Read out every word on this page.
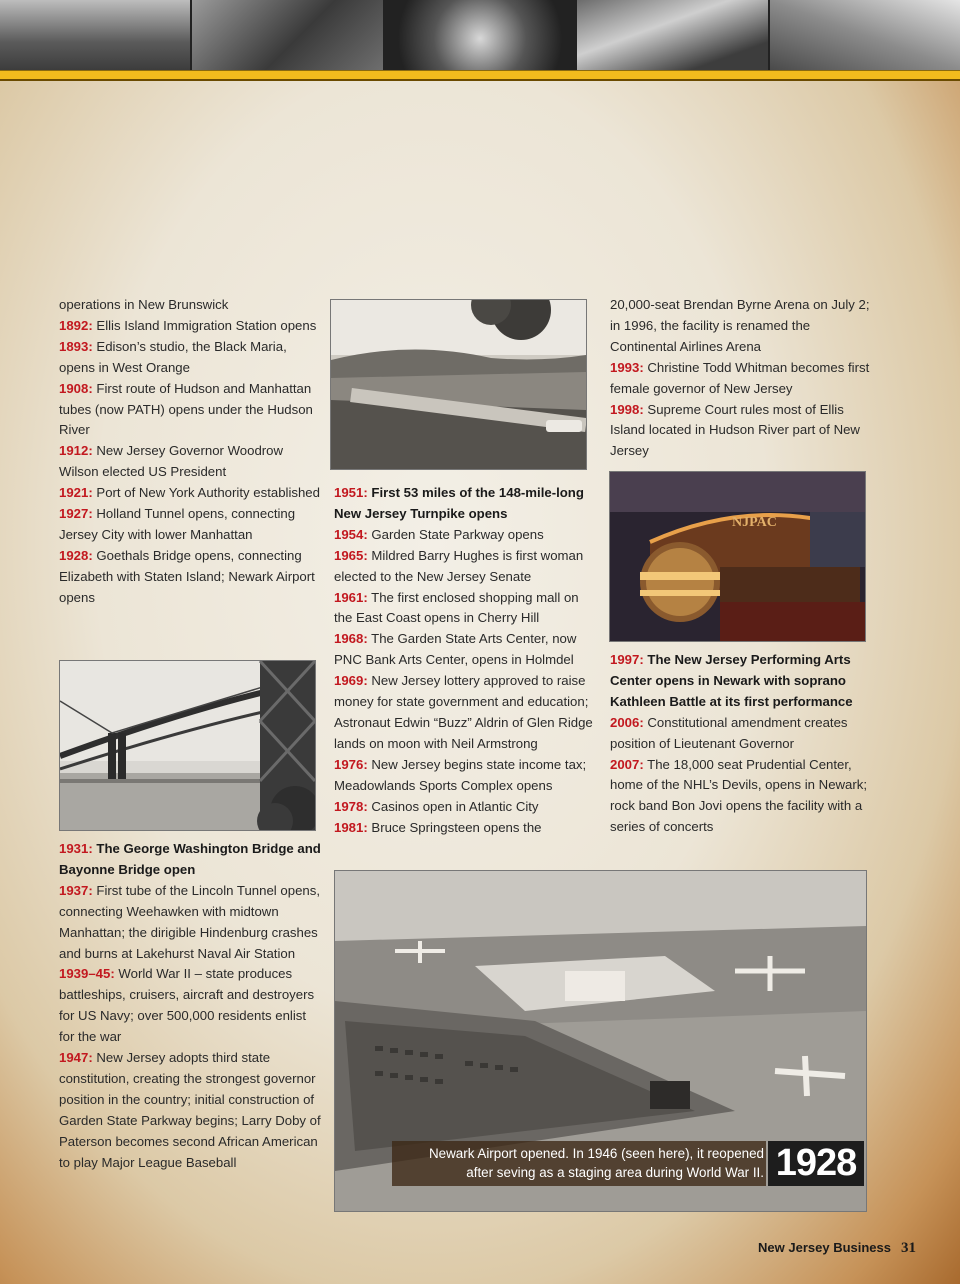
operations in New Brunswick

1892: Ellis Island Immigration Station opens

1893: Edison’s studio, the Black Maria, opens in West Orange

1908: First route of Hudson and Manhattan tubes (now PATH) opens under the Hudson River

1912: New Jersey Governor Woodrow Wilson elected US President

1921: Port of New York Authority established

1927: Holland Tunnel opens, connecting Jersey City with lower Manhattan

1928: Goethals Bridge opens, connecting Elizabeth with Staten Island; Newark Airport opens

1931: The George Washington Bridge and Bayonne Bridge open

1937: First tube of the Lincoln Tunnel opens, connecting Weehawken with midtown Manhattan; the dirigible Hindenburg crashes and burns at Lakehurst Naval Air Station

1939–45: World War II – state produces battleships, cruisers, aircraft and destroyers for US Navy; over 500,000 residents enlist for the war

1947: New Jersey adopts third state constitution, creating the strongest governor position in the country; initial construction of Garden State Parkway begins; Larry Doby of Paterson becomes second African American to play Major League Baseball

1951: First 53 miles of the 148-mile-long New Jersey Turnpike opens

1954: Garden State Parkway opens

1965: Mildred Barry Hughes is first woman elected to the New Jersey Senate

1961: The first enclosed shopping mall on the East Coast opens in Cherry Hill

1968: The Garden State Arts Center, now PNC Bank Arts Center, opens in Holmdel

1969: New Jersey lottery approved to raise money for state government and education; Astronaut Edwin “Buzz” Aldrin of Glen Ridge lands on moon with Neil Armstrong

1976: New Jersey begins state income tax; Meadowlands Sports Complex opens

1978: Casinos open in Atlantic City

1981: Bruce Springsteen opens the

20,000-seat Brendan Byrne Arena on July 2; in 1996, the facility is renamed the Continental Airlines Arena

1993: Christine Todd Whitman becomes first female governor of New Jersey

1998: Supreme Court rules most of Ellis Island located in Hudson River part of New Jersey

NJPAC

1997: The New Jersey Performing Arts Center opens in Newark with soprano Kathleen Battle at its first performance

2006: Constitutional amendment creates position of Lieutenant Governor

2007: The 18,000 seat Prudential Center, home of the NHL’s Devils, opens in Newark; rock band Bon Jovi opens the facility with a series of concerts

Newark Airport opened. In 1946 (seen here), it reopened
after seving as a staging area during World War II. 1928
New Jersey Business 31
